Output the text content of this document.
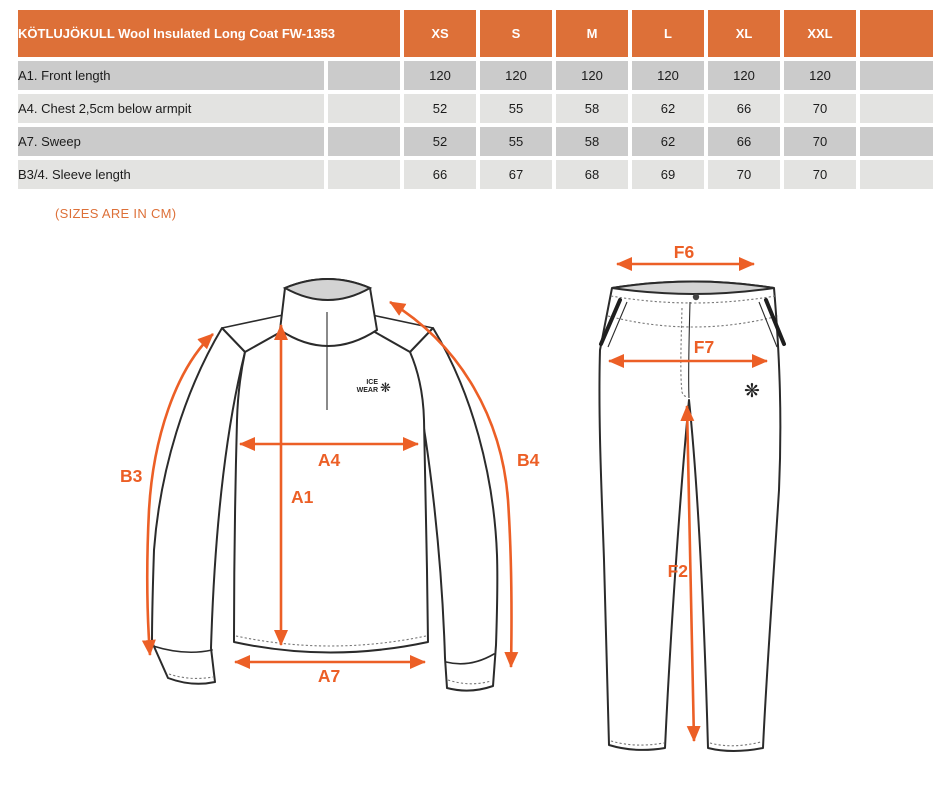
KÖTLUJÖKULL Wool Insulated Long Coat FW-1353		XS	S	M	L	XL	XXL	
A1. Front length		120	120	120	120	120	120	
A4. Chest 2,5cm below armpit		52	55	58	62	66	70	
A7. Sweep		52	55	58	62	66	70	
B3/4. Sleeve length		66	67	68	69	70	70	
(SIZES ARE IN CM)
ICE
WEAR ❋
B3
A4
A1
B4
A7
❋
F6
F7
F2
